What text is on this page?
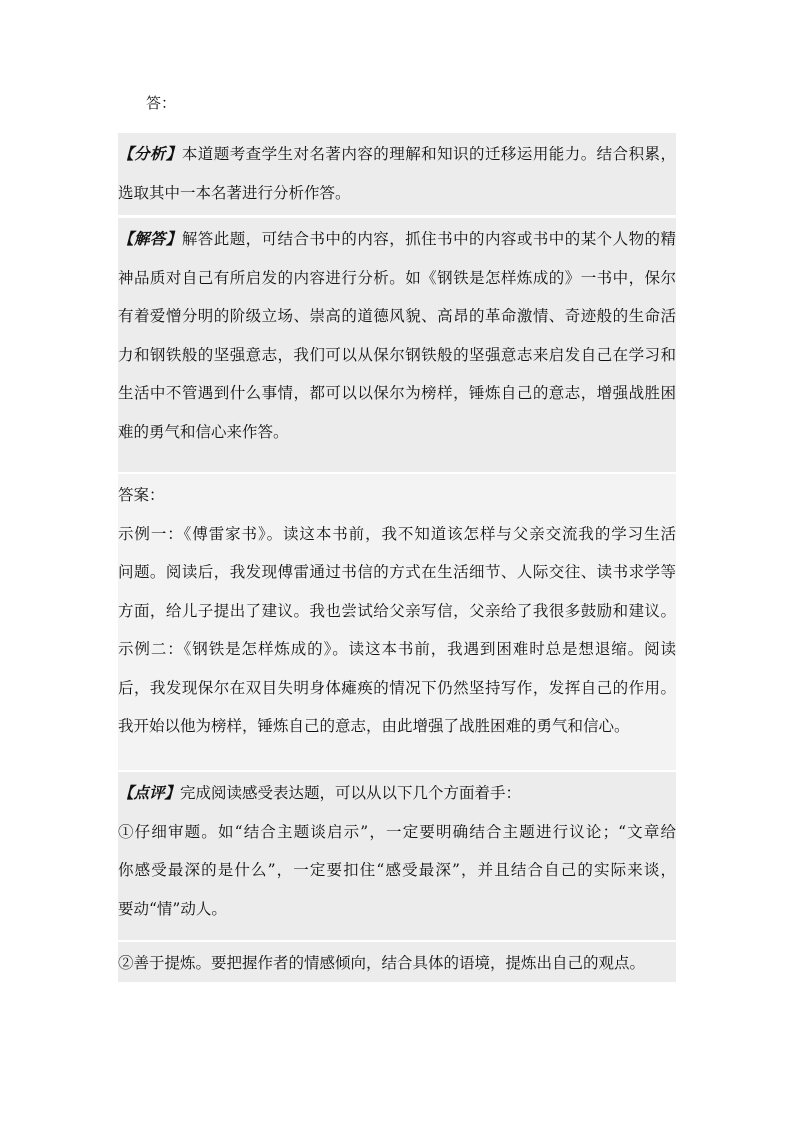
答：
【分析】本道题考查学生对名著内容的理解和知识的迁移运用能力。结合积累，
选取其中一本名著进行分析作答。
【解答】解答此题，可结合书中的内容，抓住书中的内容或书中的某个人物的精
神品质对自己有所启发的内容进行分析。如《钢铁是怎样炼成的》一书中，保尔
有着爱憎分明的阶级立场、崇高的道德风貌、高昂的革命激情、奇迹般的生命活
力和钢铁般的坚强意志，我们可以从保尔钢铁般的坚强意志来启发自己在学习和
生活中不管遇到什么事情，都可以以保尔为榜样，锤炼自己的意志，增强战胜困
难的勇气和信心来作答。
答案：
示例一：《傅雷家书》。读这本书前，我不知道该怎样与父亲交流我的学习生活
问题。阅读后，我发现傅雷通过书信的方式在生活细节、人际交往、读书求学等
方面，给儿子提出了建议。我也尝试给父亲写信，父亲给了我很多鼓励和建议。
示例二：《钢铁是怎样炼成的》。读这本书前，我遇到困难时总是想退缩。阅读
后，我发现保尔在双目失明身体瘫痪的情况下仍然坚持写作，发挥自己的作用。
我开始以他为榜样，锤炼自己的意志，由此增强了战胜困难的勇气和信心。
【点评】完成阅读感受表达题，可以从以下几个方面着手：
①仔细审题。如“结合主题谈启示”，一定要明确结合主题进行议论；“文章给
你感受最深的是什么”，一定要扣住“感受最深”，并且结合自己的实际来谈，
要动“情”动人。
②善于提炼。要把握作者的情感倾向，结合具体的语境，提炼出自己的观点。
